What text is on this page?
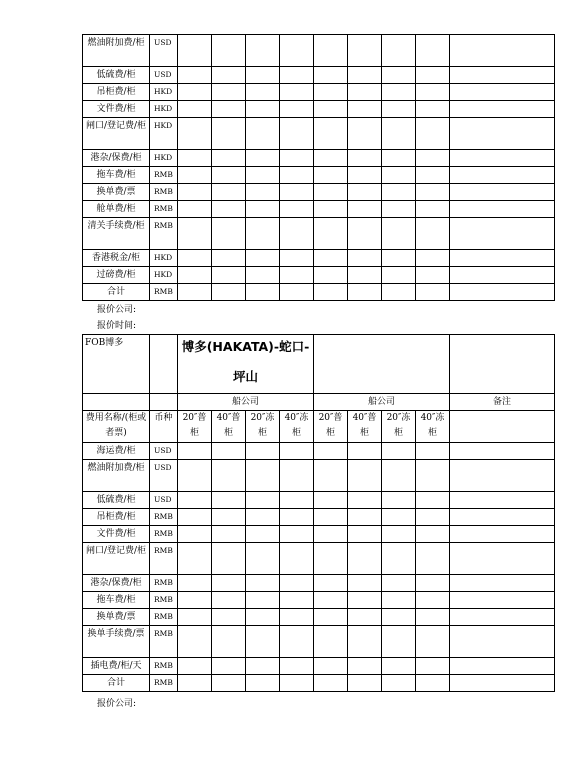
燃油附加费/柜	USD									
低硫费/柜	USD									
吊柜费/柜	HKD									
文件费/柜	HKD									
闸口/登记费/柜	HKD									
港杂/保费/柜	HKD									
拖车费/柜	RMB									
换单费/票	RMB									
舱单费/柜	RMB									
清关手续费/柜	RMB									
香港税金/柜	HKD									
过磅费/柜	HKD									
合计	RMB									
报价公司:
报价时间:
FOB博多		博多(HAKATA)-蛇口-
坪山								

		船公司				船公司				备注
费用名称/(柜或者票)	币种	20″普柜	40″普柜	20″冻柜	40″冻柜	20″普柜	40″普柜	20″冻柜	40″冻柜	
海运费/柜	USD									
燃油附加费/柜	USD									
低硫费/柜	USD									
吊柜费/柜	RMB									
文件费/柜	RMB									
闸口/登记费/柜	RMB									
港杂/保费/柜	RMB									
拖车费/柜	RMB									
换单费/票	RMB									
换单手续费/票	RMB									
插电费/柜/天	RMB									
合计	RMB									
报价公司:
